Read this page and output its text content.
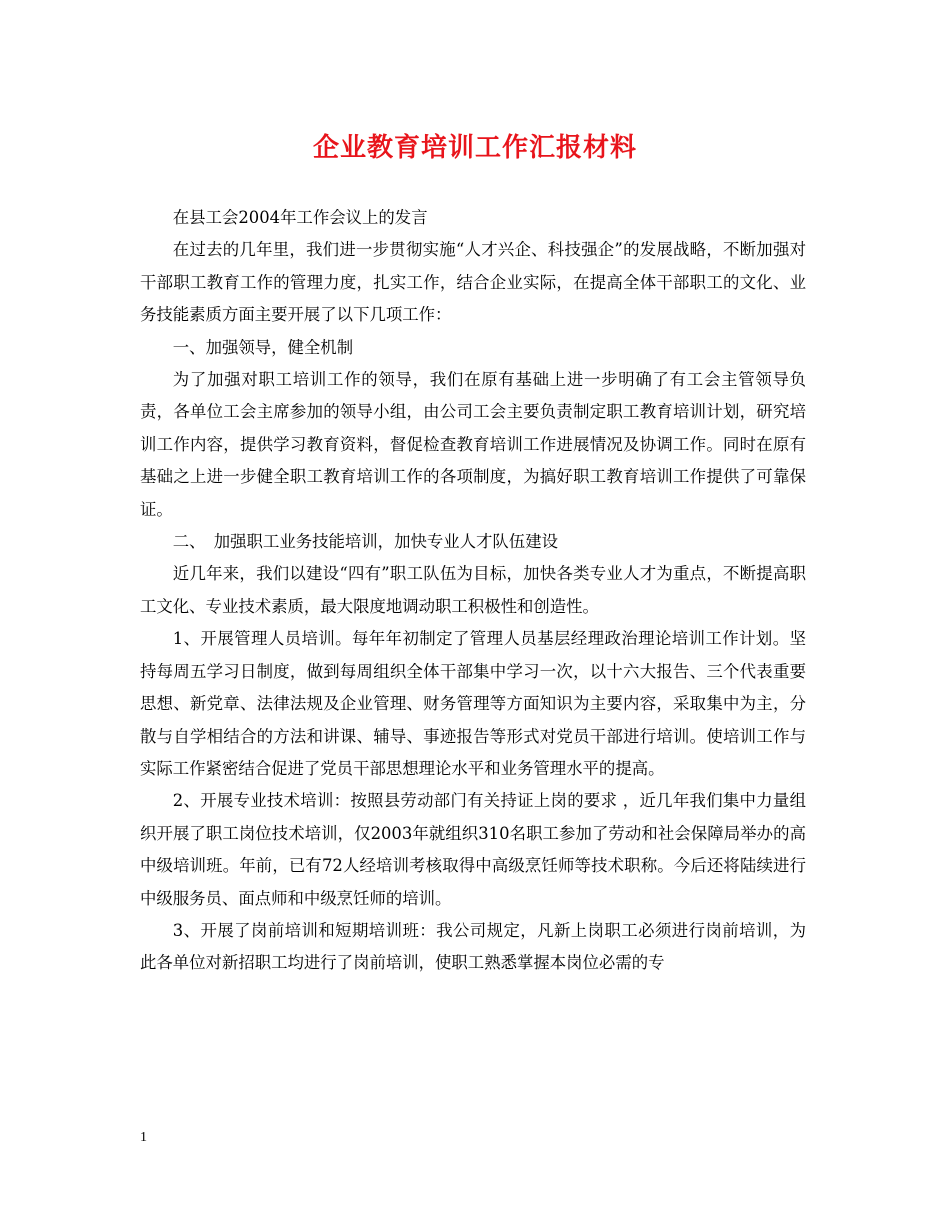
企业教育培训工作汇报材料

在县工会2004年工作会议上的发言

在过去的几年里，我们进一步贯彻实施“人才兴企、科技强企”的发展战略，不断加强对干部职工教育工作的管理力度，扎实工作，结合企业实际，在提高全体干部职工的文化、业务技能素质方面主要开展了以下几项工作：

一、加强领导，健全机制

为了加强对职工培训工作的领导，我们在原有基础上进一步明确了有工会主管领导负责，各单位工会主席参加的领导小组，由公司工会主要负责制定职工教育培训计划，研究培训工作内容，提供学习教育资料，督促检查教育培训工作进展情况及协调工作。同时在原有基础之上进一步健全职工教育培训工作的各项制度，为搞好职工教育培训工作提供了可靠保证。

二、　加强职工业务技能培训，加快专业人才队伍建设

近几年来，我们以建设“四有”职工队伍为目标，加快各类专业人才为重点，不断提高职工文化、专业技术素质，最大限度地调动职工积极性和创造性。

1、开展管理人员培训。每年年初制定了管理人员基层经理政治理论培训工作计划。坚持每周五学习日制度，做到每周组织全体干部集中学习一次，以十六大报告、三个代表重要思想、新党章、法律法规及企业管理、财务管理等方面知识为主要内容，采取集中为主，分散与自学相结合的方法和讲课、辅导、事迹报告等形式对党员干部进行培训。使培训工作与实际工作紧密结合促进了党员干部思想理论水平和业务管理水平的提高。

2、开展专业技术培训：按照县劳动部门有关持证上岗的要求 ，近几年我们集中力量组织开展了职工岗位技术培训，仅2003年就组织310名职工参加了劳动和社会保障局举办的高中级培训班。年前，已有72人经培训考核取得中高级烹饪师等技术职称。今后还将陆续进行中级服务员、面点师和中级烹饪师的培训。

3、开展了岗前培训和短期培训班：我公司规定，凡新上岗职工必须进行岗前培训，为此各单位对新招职工均进行了岗前培训，使职工熟悉掌握本岗位必需的专

1
